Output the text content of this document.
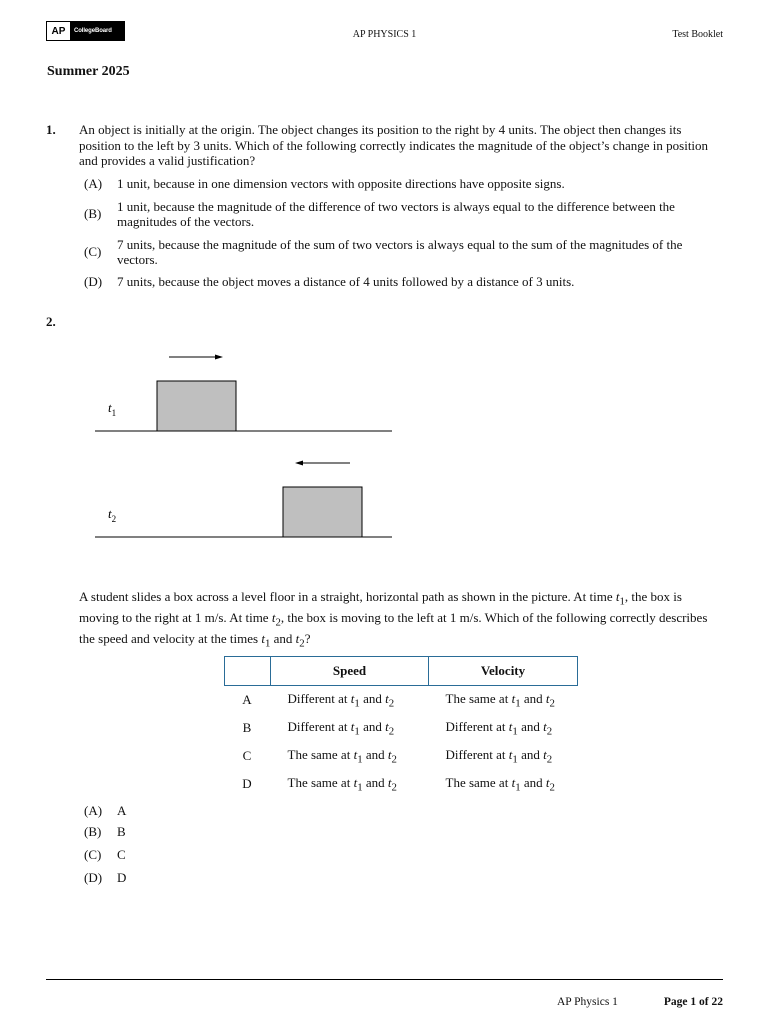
AP	CollegeBoard	AP PHYSICS 1	Test Booklet
Summer 2025
1. An object is initially at the origin. The object changes its position to the right by 4 units. The object then changes its position to the left by 3 units. Which of the following correctly indicates the magnitude of the object’s change in position and provides a valid justification?
(A) 1 unit, because in one dimension vectors with opposite directions have opposite signs.
(B) 1 unit, because the magnitude of the difference of two vectors is always equal to the difference between the magnitudes of the vectors.
(C) 7 units, because the magnitude of the sum of two vectors is always equal to the sum of the magnitudes of the vectors.
(D) 7 units, because the object moves a distance of 4 units followed by a distance of 3 units.
2.
$t_1$
$t_2$
A student slides a box across a level floor in a straight, horizontal path as shown in the picture. At time $t_1$, the box is moving to the right at 1 m/s. At time $t_2$, the box is moving to the left at 1 m/s. Which of the following correctly describes the speed and velocity at the times $t_1$ and $t_2$?
	Speed	Velocity
A	Different at $t_1$ and $t_2$	The same at $t_1$ and $t_2$
B	Different at $t_1$ and $t_2$	Different at $t_1$ and $t_2$
C	The same at $t_1$ and $t_2$	Different at $t_1$ and $t_2$
D	The same at $t_1$ and $t_2$	The same at $t_1$ and $t_2$
(A) A
(B) B
(C) C
(D) D
AP Physics 1	Page 1 of 22
